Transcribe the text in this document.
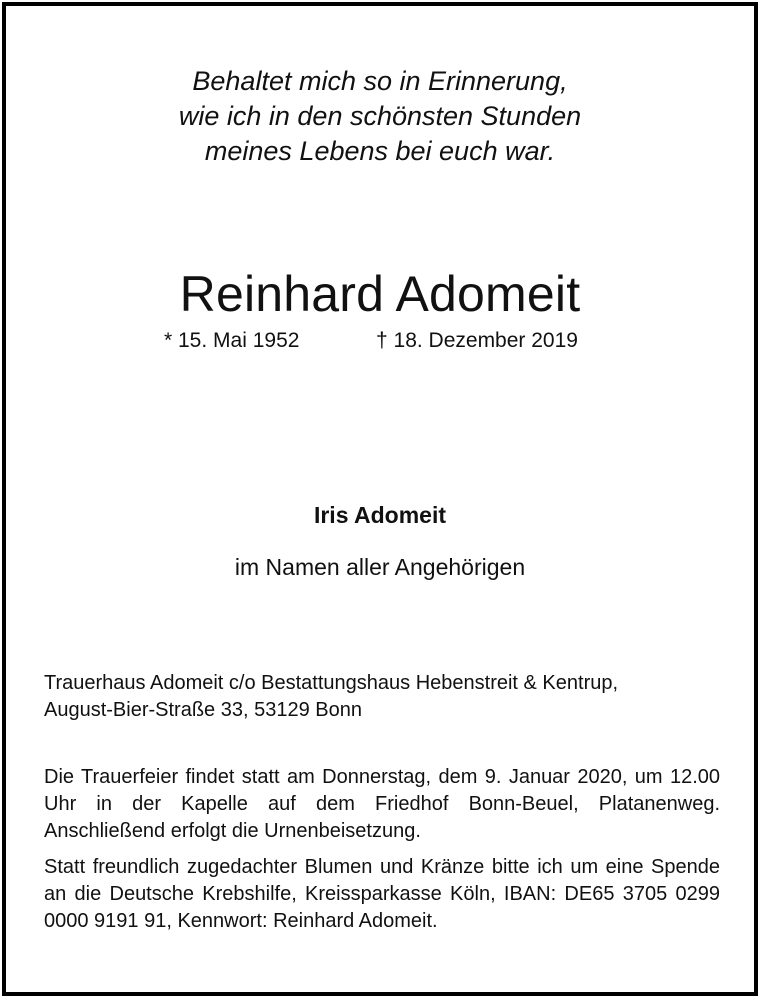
Behaltet mich so in Erinnerung,
wie ich in den schönsten Stunden
meines Lebens bei euch war.
Reinhard Adomeit
* 15. Mai 1952	† 18. Dezember 2019
Iris Adomeit
im Namen aller Angehörigen
Trauerhaus Adomeit c/o Bestattungshaus Hebenstreit & Kentrup,
August-Bier-Straße 33, 53129 Bonn

Die Trauerfeier findet statt am Donnerstag, dem 9. Januar 2020, um 12.00 Uhr in der Kapelle auf dem Friedhof Bonn-Beuel, Platanenweg. Anschließend erfolgt die Urnenbeisetzung.

Statt freundlich zugedachter Blumen und Kränze bitte ich um eine Spende an die Deutsche Krebshilfe, Kreissparkasse Köln, IBAN: DE65 3705 0299 0000 9191 91, Kennwort: Reinhard Adomeit.
